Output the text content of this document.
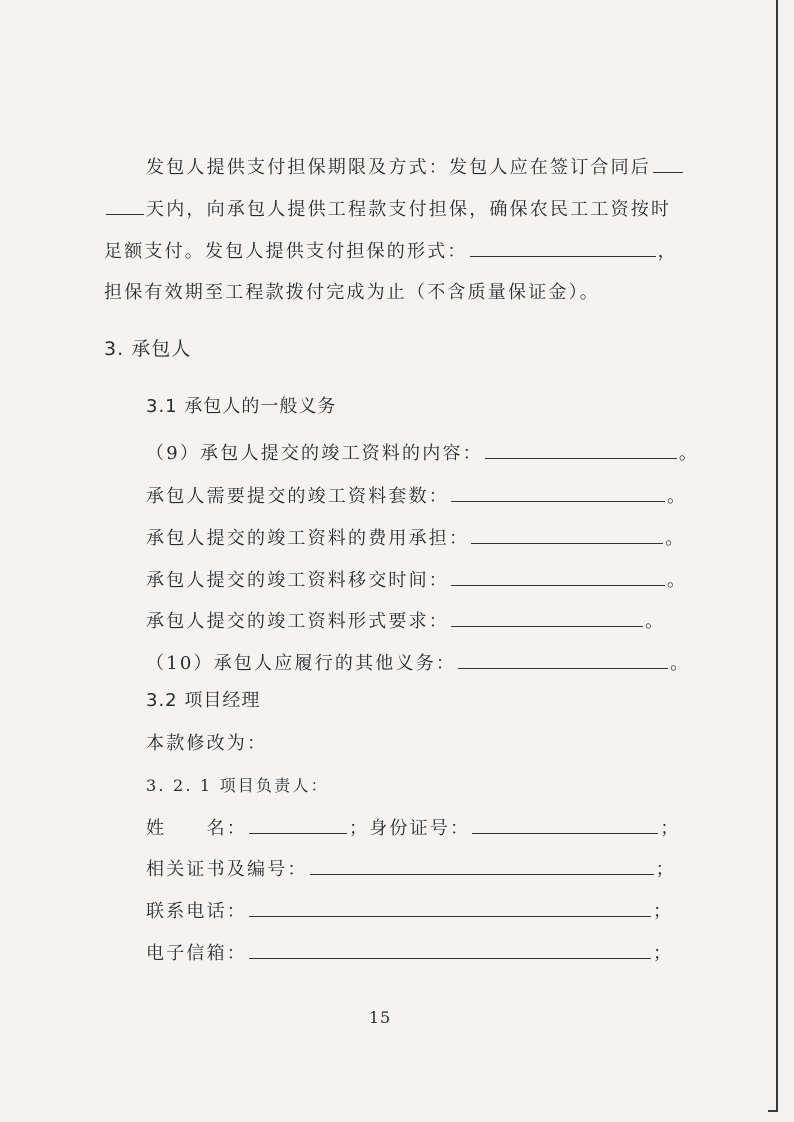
发包人提供支付担保期限及方式：发包人应在签订合同后
天内，向承包人提供工程款支付担保，确保农民工工资按时
足额支付。发包人提供支付担保的形式：	，
担保有效期至工程款拨付完成为止（不含质量保证金）。
3. 承包人
3.1 承包人的一般义务
（9）承包人提交的竣工资料的内容：	。
承包人需要提交的竣工资料套数：	。
承包人提交的竣工资料的费用承担：	。
承包人提交的竣工资料移交时间：	。
承包人提交的竣工资料形式要求：	。
（10）承包人应履行的其他义务：	。
3.2 项目经理
本款修改为：
3. 2. 1 项目负责人：
姓　　名：	；身份证号：	；
相关证书及编号：	；
联系电话：	；
电子信箱：	；
15
